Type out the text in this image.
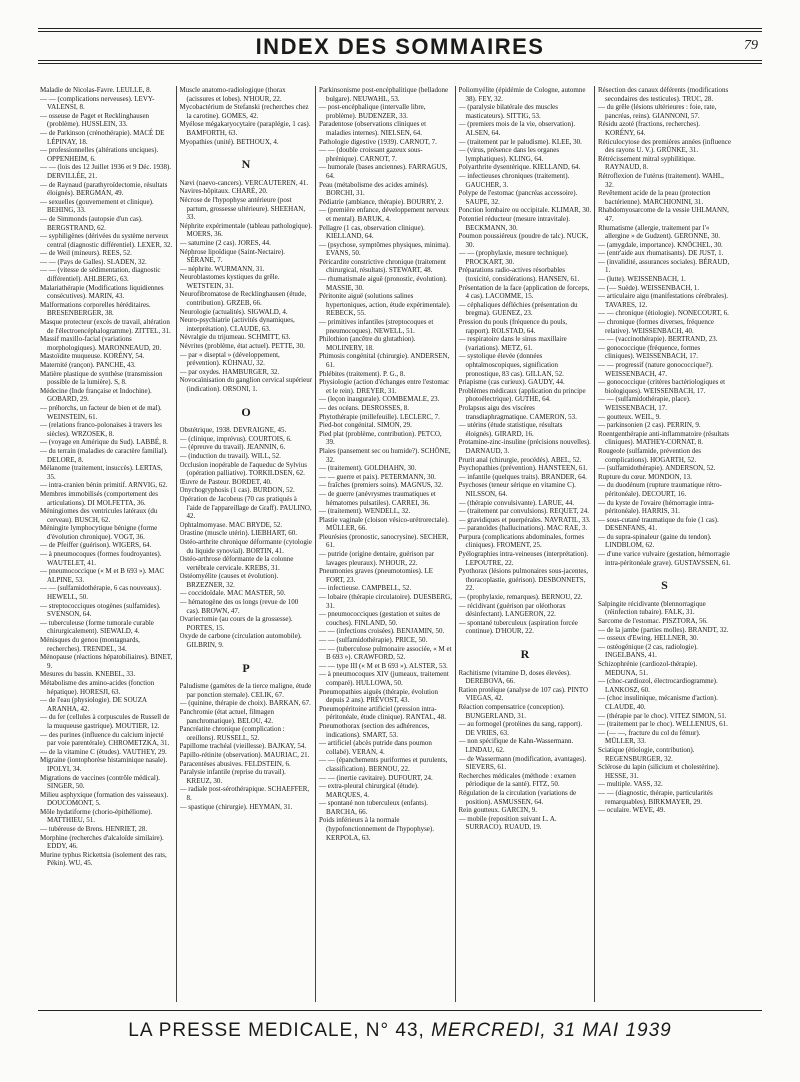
INDEX DES SOMMAIRES	79

Maladie de Nicolas-Favre. LEULLE, 8.

— — (complications nerveuses). LEVY-VALENSI, 8.

— osseuse de Paget et Recklinghausen (problème). HUSSLEIN, 33.

— de Parkinson (crénothérapie). MACÉ DE LÉPINAY, 18.

— professionnelles (altérations unciques). OPPENHEIM, 6.

— — (lois des 12 Juillet 1936 et 9 Déc. 1938). DERVILLÉE, 21.

— de Raynaud (parathyroïdectomie, résultats éloignés). BERGMAN, 49.

— sexuelles (gouvernement et clinique). BEHING, 33.

— de Simmonds (autopsie d'un cas). BERGSTRAND, 62.

— syphiligènes (dérivées du système nerveux central (diagnostic différentiel). LEXER, 32.

— de Weil (mineurs). REES, 52.

— — (Pays de Galles). SLADEN, 32.

— — (vitesse de sédimentation, diagnostic différentiel). AHLBERG, 63.

Malariathérapie (Modifications liquidiennes consécutives). MARIN, 43.

Malformations corporelles héréditaires. BRESENBERGER, 38.

Masque protecteur (excès de travail, altération de l'électroencéphalogramme). ZITTEL, 31.

Massif maxillo-facial (variations morphologiques). MARONNEAUD, 20.

Mastoïdite muqueuse. KORÉNY, 54.

Maternité (rançon). PANCHE, 43.

Matière plastique de synthèse (transmission possible de la lumière). S, 8.

Médecine (Inde française et Indochine). GOBARD, 29.

— préhorchs, un facteur de bien et de mal). WEINSTEIN, 61.

— (relations franco-polonaises à travers les siècles). WRZOSEK, 8.

— (voyage en Amérique du Sud). LABBÉ, 8.

— du terrain (maladies de caractère familial). DELORE, 8.

Mélanome (traitement, insuccès). LERTAS, 35.

— intra-cranien bénin primitif. ARNVIG, 62.

Membres immobilisés (comportement des articulations). DI MOLFETTA, 36.

Méningiomes des ventricules latéraux (du cerveau). BUSCH, 62.

Méningite lymphocytique bénigne (forme d'évolution chronique). VOGT, 36.

— de Pfeiffer (guérison). WIGERS, 64.

— à pneumocoques (formes foudroyantes). WAUTELET, 41.

— pneumococcique (« M et B 693 »). MAC ALPINE, 53.

— — (sulfamidothérapie, 6 cas nouveaux). HEWELL, 50.

— streptococciques otogènes (sulfamides). SVENSON, 64.

— tuberculeuse (forme tumorale curable chirurgicalement). SIEWALD, 4.

Ménisques du genou (montagnards, recherches). TRENDEL, 34.

Ménopause (réactions hépatobiliaires). BINET, 9.

Mesures du bassin. KNEBEL, 33.

Métabolisme des amino-acides (fonction hépatique). HORESJI, 63.

— de l'eau (physiologie). DE SOUZA ARANHA, 42.

— du fer (cellules à corpuscules de Russell de la muqueuse gastrique). MOUTIER, 12.

— des purines (influence du calcium injecté par voie parentérale). CHROMETZKA, 31.

— de la vitamine C (études). VAUTHEY, 29.

Migraine (iontophorèse histaminique nasale). IPOLYI, 34.

Migrations de vaccines (contrôle médical). SINGER, 50.

Milieu asphyxique (formation des vaisseaux). DOUCOMONT, 5.

Môle hydatiforme (chorio-épithéliome). MATTHIEU, 51.

— tubéreuse de Brens. HENRIET, 28.

Morphine (recherches d'alcaloïde similaire). EDDY, 46.

Murine typhus Rickettsia (isolement des rats, Pékin). WU, 45.

Muscle anatomo-radiologique (thorax (acissures et lobes). N'HOUR, 22.

Mycobactérium de Stefanski (recherches chez la carotine). GOMES, 42.

Myélose mégakaryocytaire (paraplégie, 1 cas). BAMFORTH, 63.

Myopathies (unité). BETHOUX, 4.

N

Nævi (naevo-cancers). VERCAUTEREN, 41.

Navires-hôpitaux. CHARÉ, 20.

Nécrose de l'hypophyse antérieure (post partum, grossesse ultérieure). SHEEHAN, 33.

Néphrite expérimentale (tableau pathologique). MOERS, 36.

— saturnine (2 cas). JORES, 44.

Néphrose lipoïdique (Saint-Nectaire). SÉRANE, 7.

— néphrite. WURMANN, 31.

Neuroblastomes kystiques du grêle. WETSTEIN, 31.

Neurofibromatose de Recklinghausen (étude, contribution). GRZEB, 66.

Neurologie (actualités). SIGWALD, 4.

Neuro-psychiatrie (activités dynamiques, interprétation). CLAUDE, 63.

Névralgie du trijumeau. SCHMITT, 63.

Névrites (problème, état actuel). PETTE, 30.

— par « diseptal » (développement, prévention). KÜHNAU, 32.

— par oxydes. HAMBURGER, 32.

Novocaïnisation du ganglion cervical supérieur (indication). ORSONI, 1.

O

Obstétrique, 1938. DEVRAIGNE, 45.

— (clinique, imprévus). COURTOIS, 6.

— (épreuve du travail). JEANNIN, 6.

— (induction du travail). WILL, 52.

Occlusion inopérable de l'aqueduc de Sylvius (opération palliative). TORKILDSEN, 62.

Œuvre de Pasteur. BORDET, 40.

Onychogryphosis (1 cas). BURDON, 52.

Opération de Jacobeus (70 cas pratiqués à l'aide de l'appareillage de Graff). PAULINO, 42.

Ophtalmomyase. MAC BRYDE, 52.

Orastine (muscle utérin). LIEBHART, 60.

Ostéo-arthrite chronique déformante (cytologie du liquide synovial). BORTIN, 41.

Ostéo-arthrose déformante de la colonne vertébrale cervicale. KREBS, 31.

Ostéomyélite (causes et évolution). BRZEZNER, 32.

— coccidoïdale. MAC MASTER, 50.

— hématogène des os longs (revue de 100 cas). BROWN, 47.

Ovariectomie (au cours de la grossesse). PORTES, 15.

Oxyde de carbone (circulation automobile). GILBRIN, 9.

P

Paludisme (gamètes de la tierce maligne, étude par ponction sternale). CELIK, 67.

— (quinine, thérapie de choix). BARKAN, 67.

Panchromie (état actuel, filmagen panchromatique). BELOU, 42.

Pancréatite chronique (complication : oreillons). RUSSELL, 52.

Papillome trachéal (vieillesse). BAJKAY, 54.

Papillo-rétinite (observation). MAURIAC, 21.

Paracentèses abusives. FELDSTEIN, 6.

Paralysie infantile (reprise du travail). KREUZ, 30.

— radiale post-sérothérapique. SCHAEFFER, 8.

— spastique (chirurgie). HEYMAN, 31.

Parkinsonisme post-encéphalitique (belladone bulgare). NEUWAHL, 53.

— post-encéphalique (intervalle libre, problème). BUDENZER, 33.

Paradentose (observations cliniques et maladies internes). NIELSEN, 64.

Pathologie digestive (1939). CARNOT, 7.

— — (double croissant gazeux sous-phrénique). CARNOT, 7.

— humorale (bases anciennes). FARRAGUS, 64.

Peau (métabolisme des acides aminés). BORCHI, 31.

Pédiatrie (ambiance, thérapie). BOURRY, 2.

— (première enfance, développement nerveux et mental). BARUK, 4.

Pellagre (1 cas, observation clinique). KIELLAND, 64.

— (psychose, symptômes physiques, minima). EVANS, 50.

Péricardite constrictive chronique (traitement chirurgical, résultats). STEWART, 48.

— rhumatismale aiguë (pronostic, évolution). MASSIE, 30.

Péritonite aiguë (solutions salines hypertoniques, action, étude expérimentale). REBECK, 55.

— primitives infantiles (streptocoques et pneumocoques). NEWELL, 51.

Philothion (ancêtre du glutathion). MOLINERY, 18.

Phimosis congénital (chirurgie). ANDERSEN, 61.

Phlébites (traitement). P. G., 8.

Physiologie (action d'échanges entre l'estomac et le rein). DREYER, 31.

— (leçon inaugurale). COMBEMALE, 23.

— des océans. DESROSSES, 8.

Phytothérapie (millefeuille). LECLERC, 7.

Pied-bot congénital. SIMON, 29.

Pied plat (problème, contribution). PETCO, 39.

Plaies (pansement sec ou humide?). SCHÖNE, 32.

— (traitement). GOLDHAHN, 30.

— — guerre et paix). PETERMANN, 30.

— fraîches (premiers soins). MAGNUS, 32.

— de guerre (anévrysmes traumatiques et hématomes pulsatiles). CARREI, 36.

— (traitement). WENDELL, 32.

Plastie vaginale (cloison vésico-urétrorectale). MÜLLER, 66.

Pleurésies (pronostic, sanocrysine). SECHER, 61.

— putride (origine dentaire, guérison par lavages pleuraux). N'HOUR, 22.

Pneumonies graves (pneumotomies). LE FORT, 23.

— infectieuse. CAMPBELL, 52.

— lobaire (thérapie circulatoire). DUESBERG, 31.

— pneumococciques (gestation et suites de couches). FINLAND, 50.

— — (infections croisées). BENJAMIN, 50.

— — (sulfamidothérapie). PRICE, 50.

— — (tuberculose pulmonaire associée, « M et B 693 »). CRAWFORD, 52.

— — type III (« M et B 693 »). ALSTER, 53.

— à pneumocoques XIV (jumeaux, traitement comparé). HULLOWA, 50.

Pneumopathies aiguës (thérapie, évolution depuis 2 ans). PRÉVOST, 43.

Pneumopéritoine artificiel (pression intra-péritonéale, étude clinique). RANTAL, 48.

Pneumothorax (section des adhérences, indications). SMART, 53.

— artificiel (abcès putride dans poumon collabé). VERAN, 4.

— — (épanchements puriformes et purulents, classification). BERNOU, 22.

— — (inertie cavitaire). DUFOURT, 24.

— extra-pleural chirurgical (étude). MARQUES, 4.

— spontané non tuberculeux (enfants). BARCHA, 66.

Poids inférieurs à la normale (hypofonctionnement de l'hypophyse). KERPOLA, 63.

Poliomyélite (épidémie de Cologne, automne 38). FEY, 32.

— (paralysie bilatérale des muscles masticateurs). SITTIG, 53.

— (premiers mois de la vie, observation). ALSEN, 64.

— (traitement par le paludisme). KLEE, 30.

— (virus, présence dans les organes lymphatiques). KLING, 64.

Polyarthrite dysentérique. KIELLAND, 64.

— infectieuses chroniques (traitement). GAUCHER, 3.

Polype de l'estomac (pancréas accessoire). SAUPE, 32.

Ponction lombaire ou occipitale. KLIMAR, 30.

Potentiel réducteur (mesure intravitale). BECKMANN, 30.

Poumon poussiéreux (poudre de talc). NUCK, 30.

— — (prophylaxie, mesure technique). PROCKART, 30.

Préparations radio-actives résorbables (toxicité, considérations). HANSEN, 61.

Présentation de la face (application de forceps, 4 cas). LACOMME, 15.

— céphaliques défléchies (présentation du bregma). GUENEZ, 23.

Pression du pouls (fréquence du pouls, rapport). ROLSTAD, 64.

— respiratoire dans le sinus maxillaire (variations). METZ, 61.

— systolique élevée (données ophtalmoscopiques, signification pronostique, 83 cas). GILLAN, 52.

Priapisme (cas curieux). GAUDY, 44.

Problèmes médicaux (application du principe photoélectrique). GUTHE, 64.

Prolapsus aigu des viscères transdiaphragmatique. CAMERON, 53.

— utérins (étude statistique, résultats éloignés). GIRARD, 16.

Protamine-zinc-insuline (précisions nouvelles). DARNAUD, 3.

Prurit anal (chirurgie, procédés). ABEL, 52.

Psychopathies (prévention). HANSTEEN, 61.

— infantile (quelques traits). BRANDER, 64.

Psychoses (teneur sérique en vitamine C). NILSSON, 64.

— (thérapie convulsivante). LARUE, 44.

— (traitement par convulsions). REQUET, 24.

— gravidiques et puerpérales. NAVRATIL, 33.

— paranoïdes (hallucinations). MAC RAE, 3.

Purpura (complications abdominales, formes cliniques). FROMENT, 25.

Pyélographies intra-veineuses (interprétation). LEPOUTRE, 22.

Pyothorax (lésions pulmonaires sous-jacentes, thoracoplastie, guérison). DESBONNETS, 22.

— (prophylaxie, remarques). BERNOU, 22.

— récidivant (guérison par oléothorax désinfectant). LANGERON, 22.

— spontané tuberculeux (aspiration forcée continue). D'HOUR, 22.

R

Rachitisme (vitamine D, doses élevées). DEREBOVA, 66.

Ration protéique (analyse de 107 cas). PINTO VIEGAS, 42.

Réaction compensatrice (conception). BUNGERLAND, 31.

— au formogel (protéines du sang, rapport). DE VRIES, 63.

— non spécifique de Kahn-Wassermann. LINDAU, 62.

— de Wassermann (modification, avantages). SIEVERS, 61.

Recherches médicales (méthode : examen périodique de la santé). FITZ, 50.

Régulation de la circulation (variations de position). ASMUSSEN, 64.

Rein goutteux. GARCIN, 9.

— mobile (reposition suivant L. A. SURRACO). RUAUD, 19.

Résection des canaux déférents (modifications secondaires des testicules). TRUC, 28.

— du grêle (lésions ultérieures : foie, rate, pancréas, reins). GIANNONI, 57.

Résidu azoté (fractions, recherches). KORÉNY, 64.

Réticulocytose des premières années (influence des rayons U. V.). GRÜNKE, 31.

Rétrécissement mitral syphilitique. RAYNAUD, 8.

Rétroflexion de l'utérus (traitement). WAHL, 32.

Revêtement acide de la peau (protection bactérienne). MARCHIONINI, 31.

Rhabdomyosarcome de la vessie UHLMANN, 47.

Rhumatisme (allergie, traitement par l'« allergine » de Gudzent). GERONNE, 30.

— (amygdale, importance). KNÖCHEL, 30.

— (entr'aide aux rhumatisants). DE JUST, 1.

— (invalidité, assurances sociales). BÉRAUD, 1.

— (lutte). WEISSENBACH, 1.

— (— Suède). WEISSENBACH, 1.

— articulaire aigu (manifestations cérébrales). TAVARES, 12.

— — chronique (étiologie). NONECOURT, 6.

— chronique (formes diverses, fréquence relative). WEISSENBACH, 40.

— — (vaccinothérapie). BERTRAND, 23.

— gonococcique (fréquence, formes cliniques). WEISSENBACH, 17.

— — progressif (nature gonococcique?). WEISSENBACH, 47.

— gonococcique (critères bactériologiques et biologiques). WEISSENBACH, 17.

— — (sulfamidothérapie, place). WEISSENBACH, 17.

— goutteux. WEIL, 9.

— parkinsonien (2 cas). PERRIN, 9.

Roentgenthérapie anti-inflammatoire (résultats cliniques). MATHEY-CORNAT, 8.

Rougeole (sulfamide, prévention des complications). HOGARTH, 52.

— (sulfamidothérapie). ANDERSON, 52.

Rupture du cœur. MONDON, 13.

— du duodénum (rupture traumatique rétro-péritonéale). DECOURT, 16.

— du kyste de l'ovaire (hémorragie intra-péritonéale). HARRIS, 31.

— sous-cutané traumatique du foie (1 cas). DESENFANS, 41.

— du supra-spinaleur (gaine du tendon). LINDBLOM, 62.

— d'une varice vulvaire (gestation, hémorragie intra-péritonéale grave). GUSTAVSSEN, 61.

S

Salpingite récidivante (blennorragique (réinfection tubaire). FALK, 31.

Sarcome de l'estomac. PISZTORA, 56.

— de la jambe (parties molles). BRANDT, 32.

— osseux d'Ewing. HELLNER, 30.

— ostéogénique (2 cas, radiologie). INGELBANS, 41.

Schizophrénie (cardiozol-thérapie). MEDUNA, 51.

— (choc-cardiozol, électrocardiogramme). LANKOSZ, 60.

— (choc insulinique, mécanisme d'action). CLAUDE, 40.

— (thérapie par le choc). VITEZ SIMON, 51.

— (traitement par le choc). WELLENIUS, 61.

— (— —, fracture du col du fémur). MÜLLER, 33.

Sciatique (étiologie, contribution). REGENSBURGER, 32.

Sclérose du lapin (silicium et cholestérine). HESSE, 31.

— multiple. VASS, 32.

— — (diagnostic, thérapie, particularités remarquables). BIRKMAYER, 29.

— oculaire. WEVE, 49.

LA PRESSE MEDICALE, N° 43, MERCREDI, 31 MAI 1939
